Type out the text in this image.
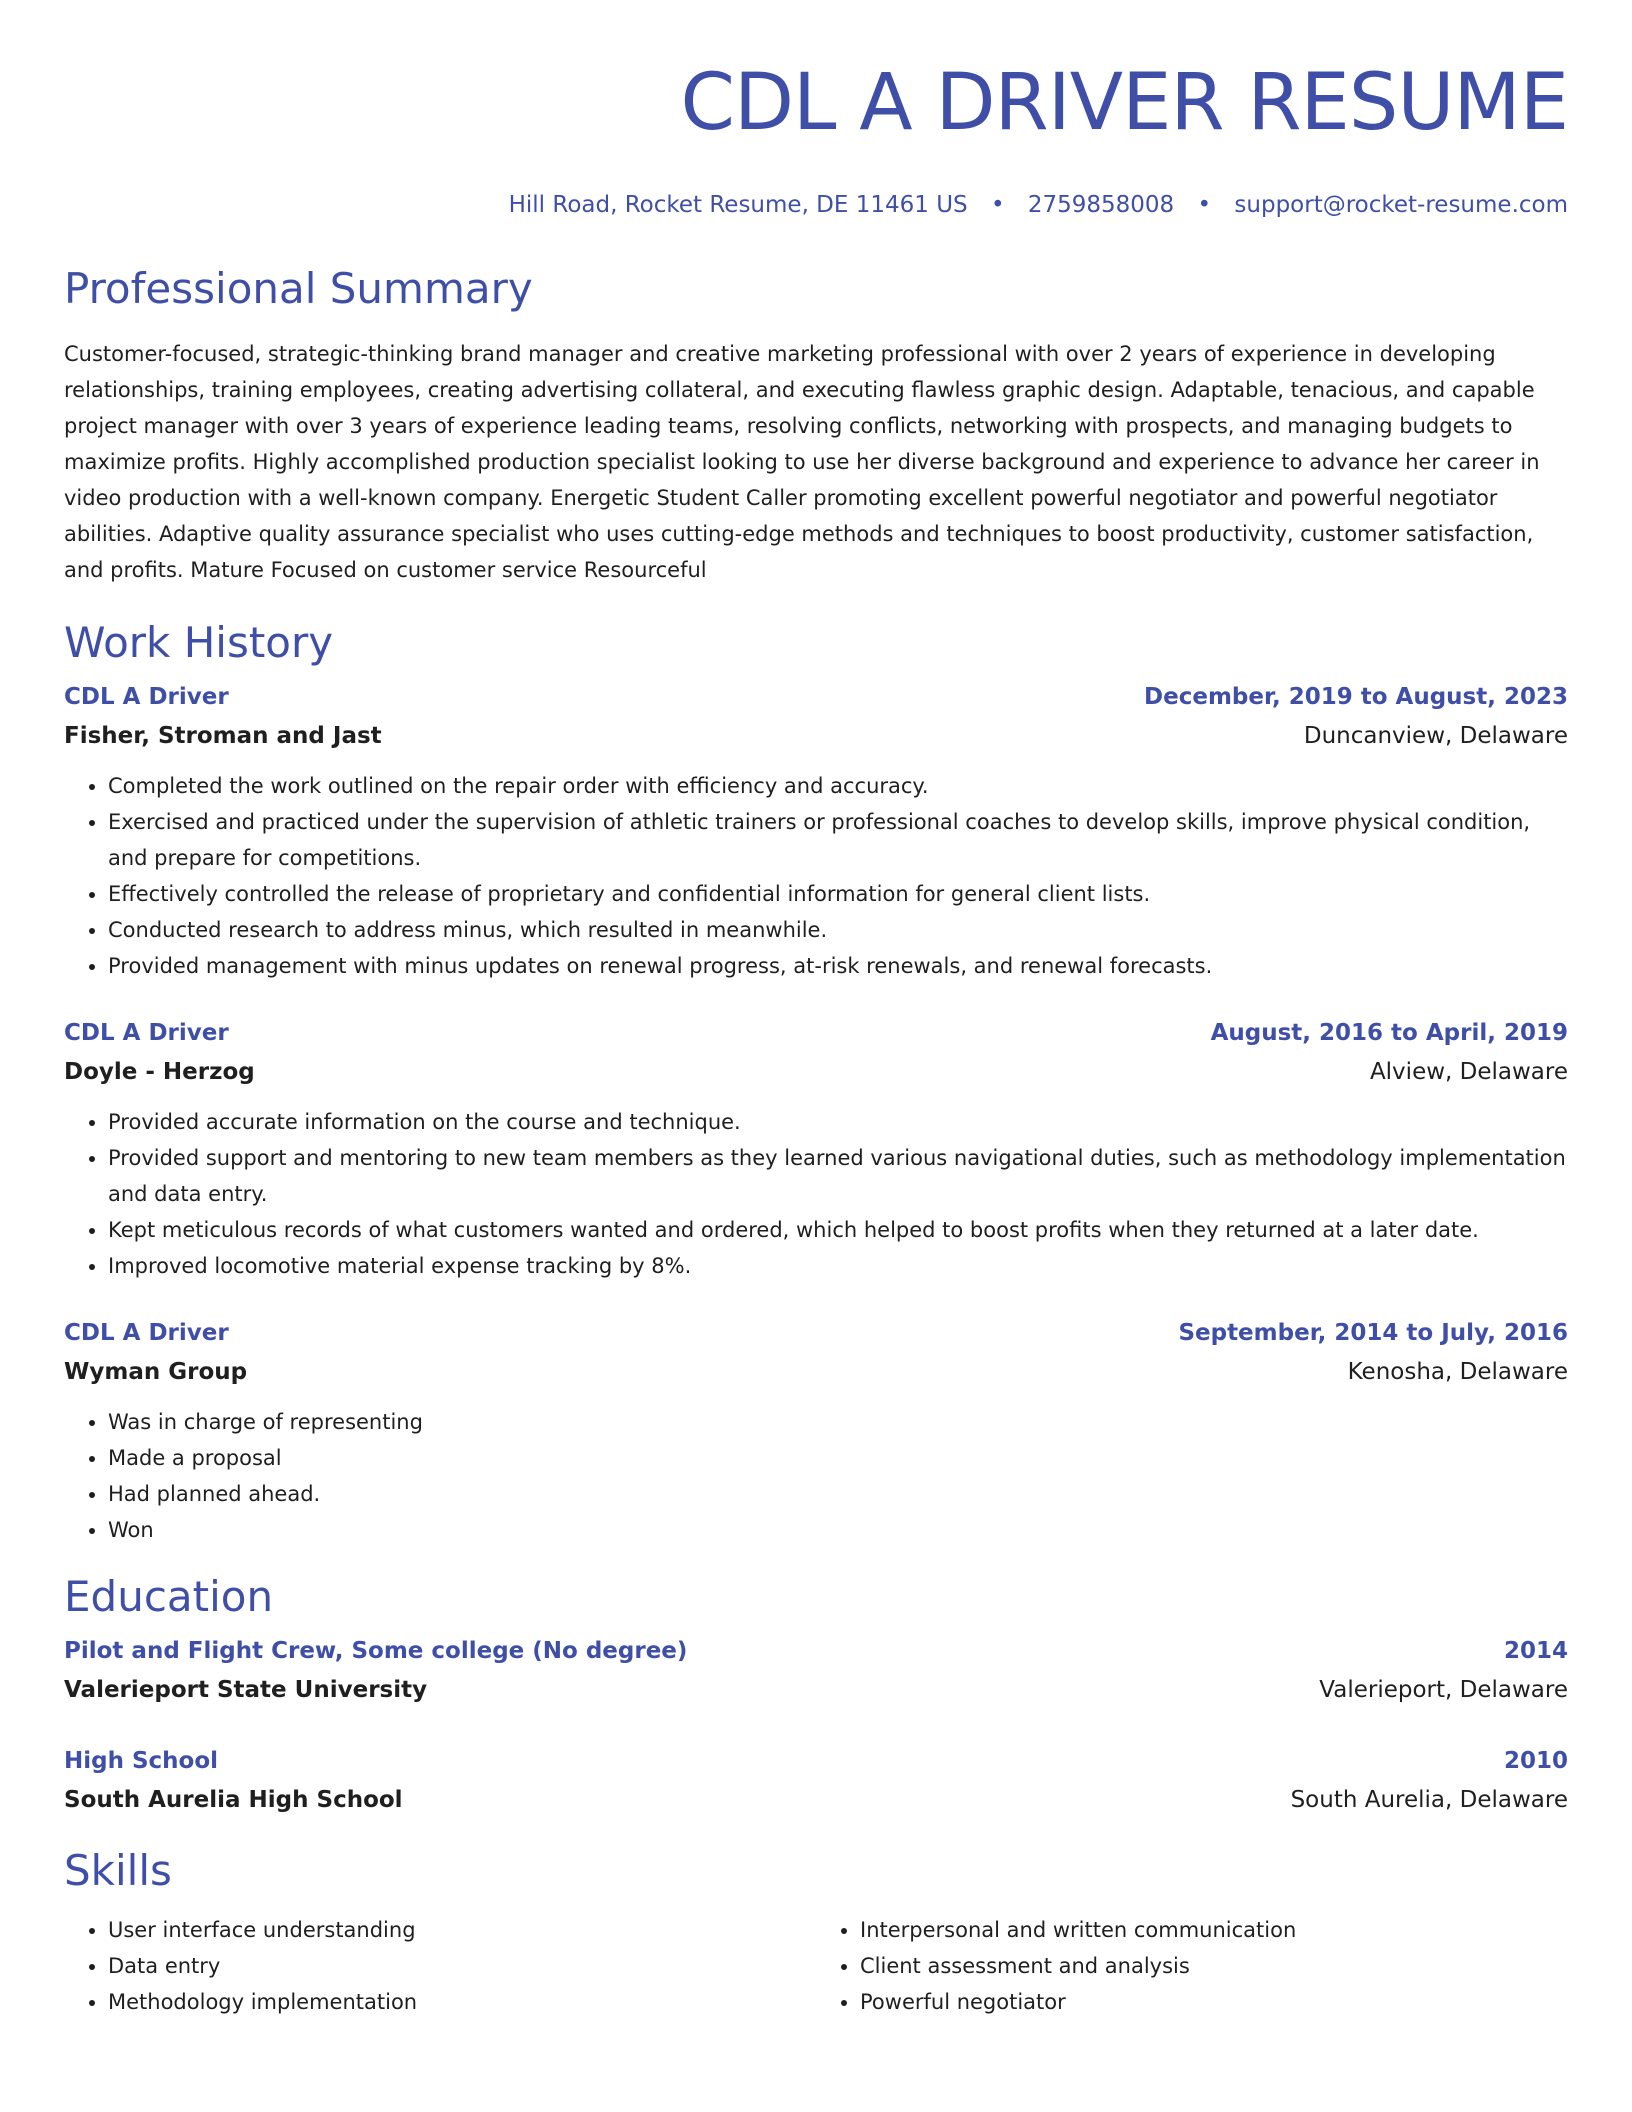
CDL A DRIVER RESUME
Hill Road, Rocket Resume, DE 11461 US • 2759858008 • support@rocket-resume.com
Professional Summary
Customer-focused, strategic-thinking brand manager and creative marketing professional with over 2 years of experience in developing relationships, training employees, creating advertising collateral, and executing flawless graphic design. Adaptable, tenacious, and capable project manager with over 3 years of experience leading teams, resolving conflicts, networking with prospects, and managing budgets to maximize profits. Highly accomplished production specialist looking to use her diverse background and experience to advance her career in video production with a well-known company. Energetic Student Caller promoting excellent powerful negotiator and powerful negotiator abilities. Adaptive quality assurance specialist who uses cutting-edge methods and techniques to boost productivity, customer satisfaction, and profits. Mature Focused on customer service Resourceful
Work History
CDL A Driver	December, 2019 to August, 2023
Fisher, Stroman and Jast	Duncanview, Delaware
• Completed the work outlined on the repair order with efficiency and accuracy.
• Exercised and practiced under the supervision of athletic trainers or professional coaches to develop skills, improve physical condition, and prepare for competitions.
• Effectively controlled the release of proprietary and confidential information for general client lists.
• Conducted research to address minus, which resulted in meanwhile.
• Provided management with minus updates on renewal progress, at-risk renewals, and renewal forecasts.
CDL A Driver	August, 2016 to April, 2019
Doyle - Herzog	Alview, Delaware
• Provided accurate information on the course and technique.
• Provided support and mentoring to new team members as they learned various navigational duties, such as methodology implementation and data entry.
• Kept meticulous records of what customers wanted and ordered, which helped to boost profits when they returned at a later date.
• Improved locomotive material expense tracking by 8%.
CDL A Driver	September, 2014 to July, 2016
Wyman Group	Kenosha, Delaware
• Was in charge of representing
• Made a proposal
• Had planned ahead.
• Won
Education
Pilot and Flight Crew, Some college (No degree)	2014
Valerieport State University	Valerieport, Delaware
High School	2010
South Aurelia High School	South Aurelia, Delaware
Skills
• User interface understanding
• Data entry
• Methodology implementation
• Interpersonal and written communication
• Client assessment and analysis
• Powerful negotiator
